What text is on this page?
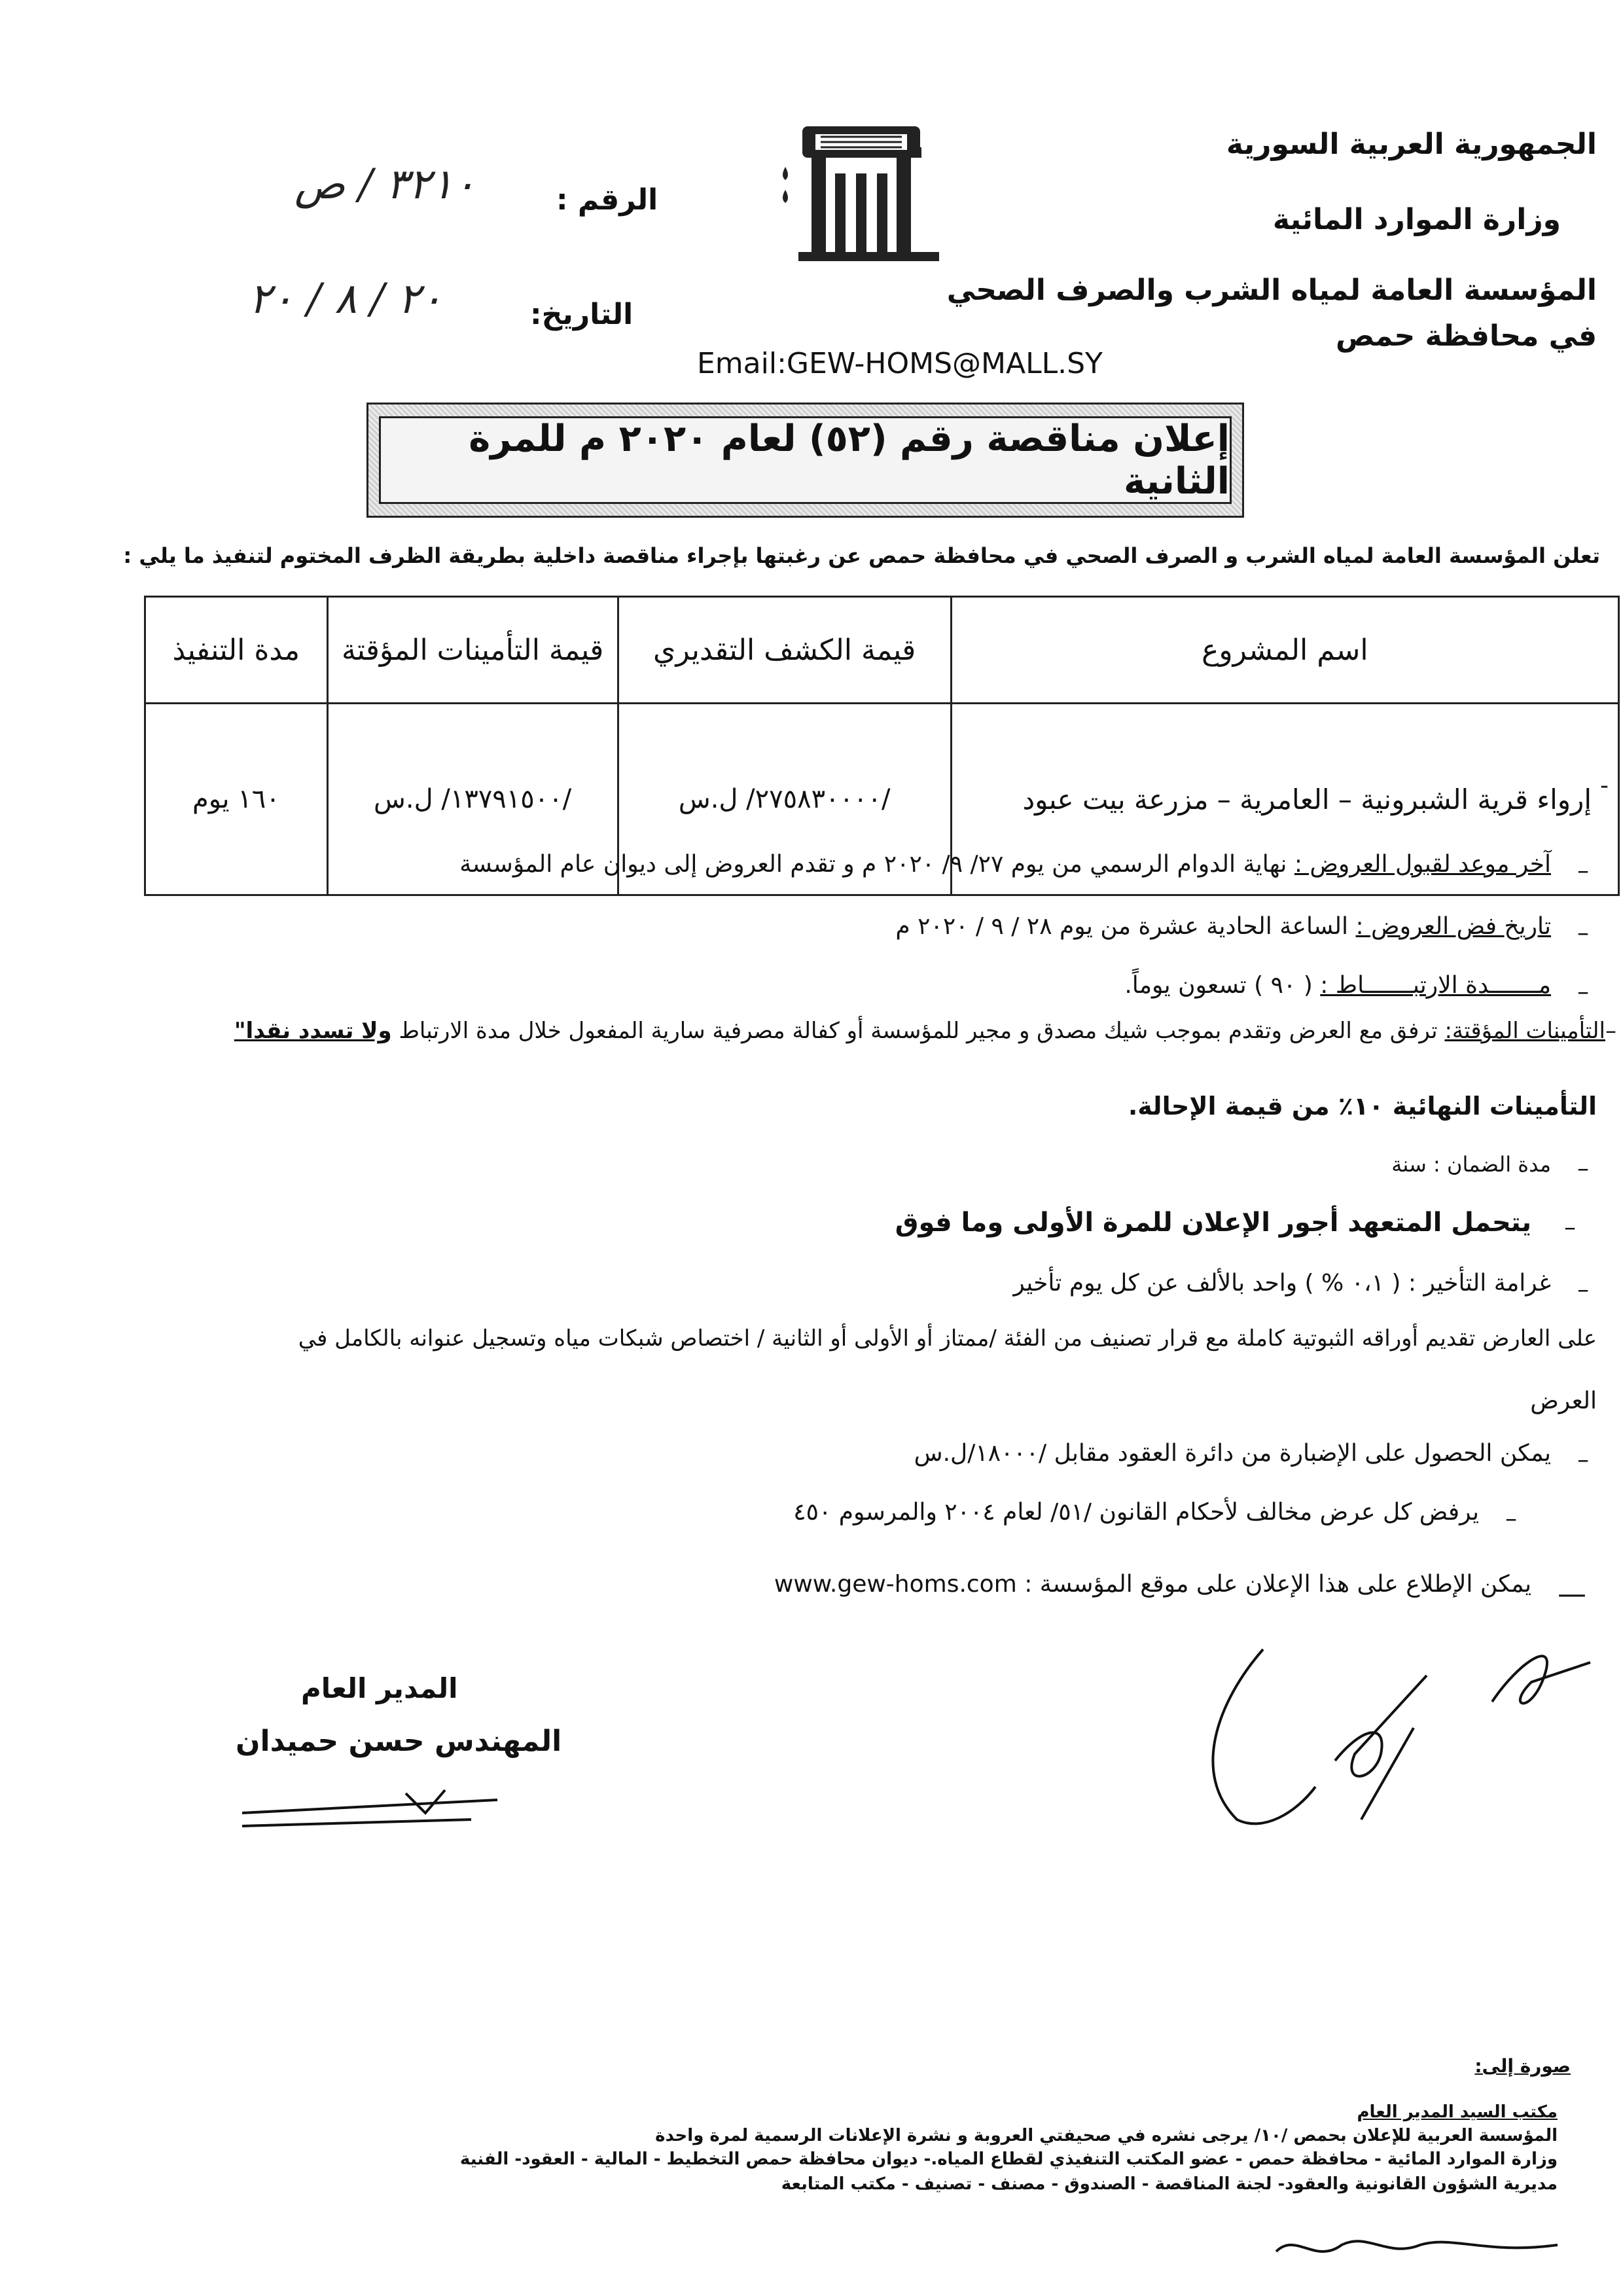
الجمهورية العربية السورية
وزارة الموارد المائية
المؤسسة العامة لمياه الشرب والصرف الصحي
في محافظة حمص
الرقم :
٣٢١٠ / ص
التاريخ:
٢٠ / ٨ / ٢٠
Email:GEW-HOMS@MALL.SY
إعلان مناقصة رقم (٥٢) لعام ٢٠٢٠ م للمرة الثانية
تعلن المؤسسة العامة لمياه الشرب و الصرف الصحي في محافظة حمص عن رغبتها بإجراء مناقصة داخلية بطريقة الظرف المختوم لتنفيذ ما يلي :
اسم المشروع	قيمة الكشف التقديري	قيمة التأمينات المؤقتة	مدة التنفيذ
إرواء قرية الشبرونية – العامرية – مزرعة بيت عبود	/٢٧٥٨٣٠٠٠٠/ ل.س	/١٣٧٩١٥٠٠/ ل.س	١٦٠ يوم	-
–
آخر موعد لقبول العروض : نهاية الدوام الرسمي من يوم ٢٧/ ٩/ ٢٠٢٠ م و تقدم العروض إلى ديوان عام المؤسسة
–
تاريخ فض العروض : الساعة الحادية عشرة من يوم ٢٨ / ٩ / ٢٠٢٠ م
–
مـــــــدة الارتبـــــــاط : ( ٩٠ ) تسعون يوماً.
–التأمينات المؤقتة: ترفق مع العرض وتقدم بموجب شيك مصدق و مجير للمؤسسة أو كفالة مصرفية سارية المفعول خلال مدة الارتباط ولا تسدد نقدا"
التأمينات النهائية ١٠٪ من قيمة الإحالة.
–
مدة الضمان : سنة
–
يتحمل المتعهد أجور الإعلان للمرة الأولى وما فوق
–
غرامة التأخير : ( ٠،١ % ) واحد بالألف عن كل يوم تأخير
على العارض تقديم أوراقه الثبوتية كاملة مع قرار تصنيف من الفئة /ممتاز أو الأولى أو الثانية / اختصاص شبكات مياه وتسجيل عنوانه بالكامل في
العرض
–
يمكن الحصول على الإضبارة من دائرة العقود مقابل /١٨٠٠٠/ل.س
–
يرفض كل عرض مخالف لأحكام القانون /٥١/ لعام ٢٠٠٤ والمرسوم ٤٥٠
—
يمكن الإطلاع على هذا الإعلان على موقع المؤسسة : www.gew-homs.com
المدير العام
المهندس حسن حميدان
صورة إلى:
مكتب السيد المدير العام
المؤسسة العربية للإعلان بحمص /١٠/ يرجى نشره في صحيفتي العروبة و نشرة الإعلانات الرسمية لمرة واحدة
وزارة الموارد المائية - محافظة حمص - عضو المكتب التنفيذي لقطاع المياه.- ديوان محافظة حمص التخطيط - المالية - العقود- الفنية
مديرية الشؤون القانونية والعقود- لجنة المناقصة - الصندوق - مصنف - تصنيف - مكتب المتابعة
